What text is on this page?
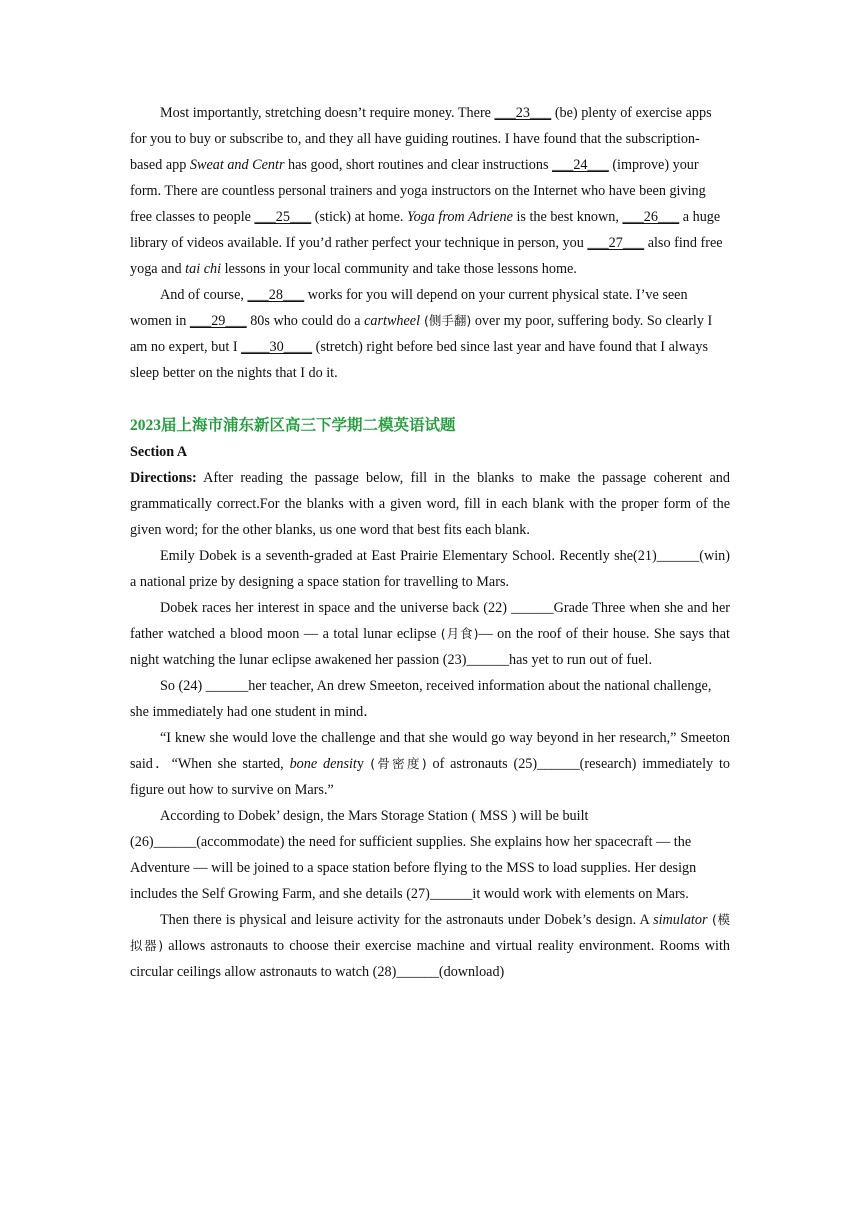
Most importantly, stretching doesn’t require money. There ___23___ (be) plenty of exercise apps for you to buy or subscribe to, and they all have guiding routines. I have found that the subscription-based app Sweat and Centr has good, short routines and clear instructions ___24___ (improve) your form. There are countless personal trainers and yoga instructors on the Internet who have been giving free classes to people ___25___ (stick) at home. Yoga from Adriene is the best known, ___26___ a huge library of videos available. If you’d rather perfect your technique in person, you ___27___ also find free yoga and tai chi lessons in your local community and take those lessons home.

And of course, ___28___ works for you will depend on your current physical state. I’ve seen women in ___29___ 80s who could do a cartwheel (侧手翻) over my poor, suffering body. So clearly I am no expert, but I ____30____ (stretch) right before bed since last year and have found that I always sleep better on the nights that I do it.

2023届上海市浦东新区高三下学期二模英语试题

Section A

Directions: After reading the passage below, fill in the blanks to make the passage coherent and grammatically correct.For the blanks with a given word, fill in each blank with the proper form of the given word; for the other blanks, us one word that best fits each blank.

Emily Dobek is a seventh-graded at East Prairie Elementary School. Recently she(21)______(win) a national prize by designing a space station for travelling to Mars.

Dobek races her interest in space and the universe back (22) ______Grade Three when she and her father watched a blood moon — a total lunar eclipse (月食)— on the roof of their house. She says that night watching the lunar eclipse awakened her passion (23)______has yet to run out of fuel.

So (24) ______her teacher, An drew Smeeton, received information about the national challenge, she immediately had one student in mind．

“I knew she would love the challenge and that she would go way beyond in her research,” Smeeton said．“When she started, bone density (骨密度) of astronauts (25)______(research) immediately to figure out how to survive on Mars.”

According to Dobek’ design, the Mars Storage Station ( MSS ) will be built (26)______(accommodate) the need for sufficient supplies. She explains how her spacecraft — the Adventure — will be joined to a space station before flying to the MSS to load supplies. Her design includes the Self Growing Farm, and she details (27)______it would work with elements on Mars.

Then there is physical and leisure activity for the astronauts under Dobek’s design. A simulator (模拟器) allows astronauts to choose their exercise machine and virtual reality environment. Rooms with circular ceilings allow astronauts to watch (28)______(download)
